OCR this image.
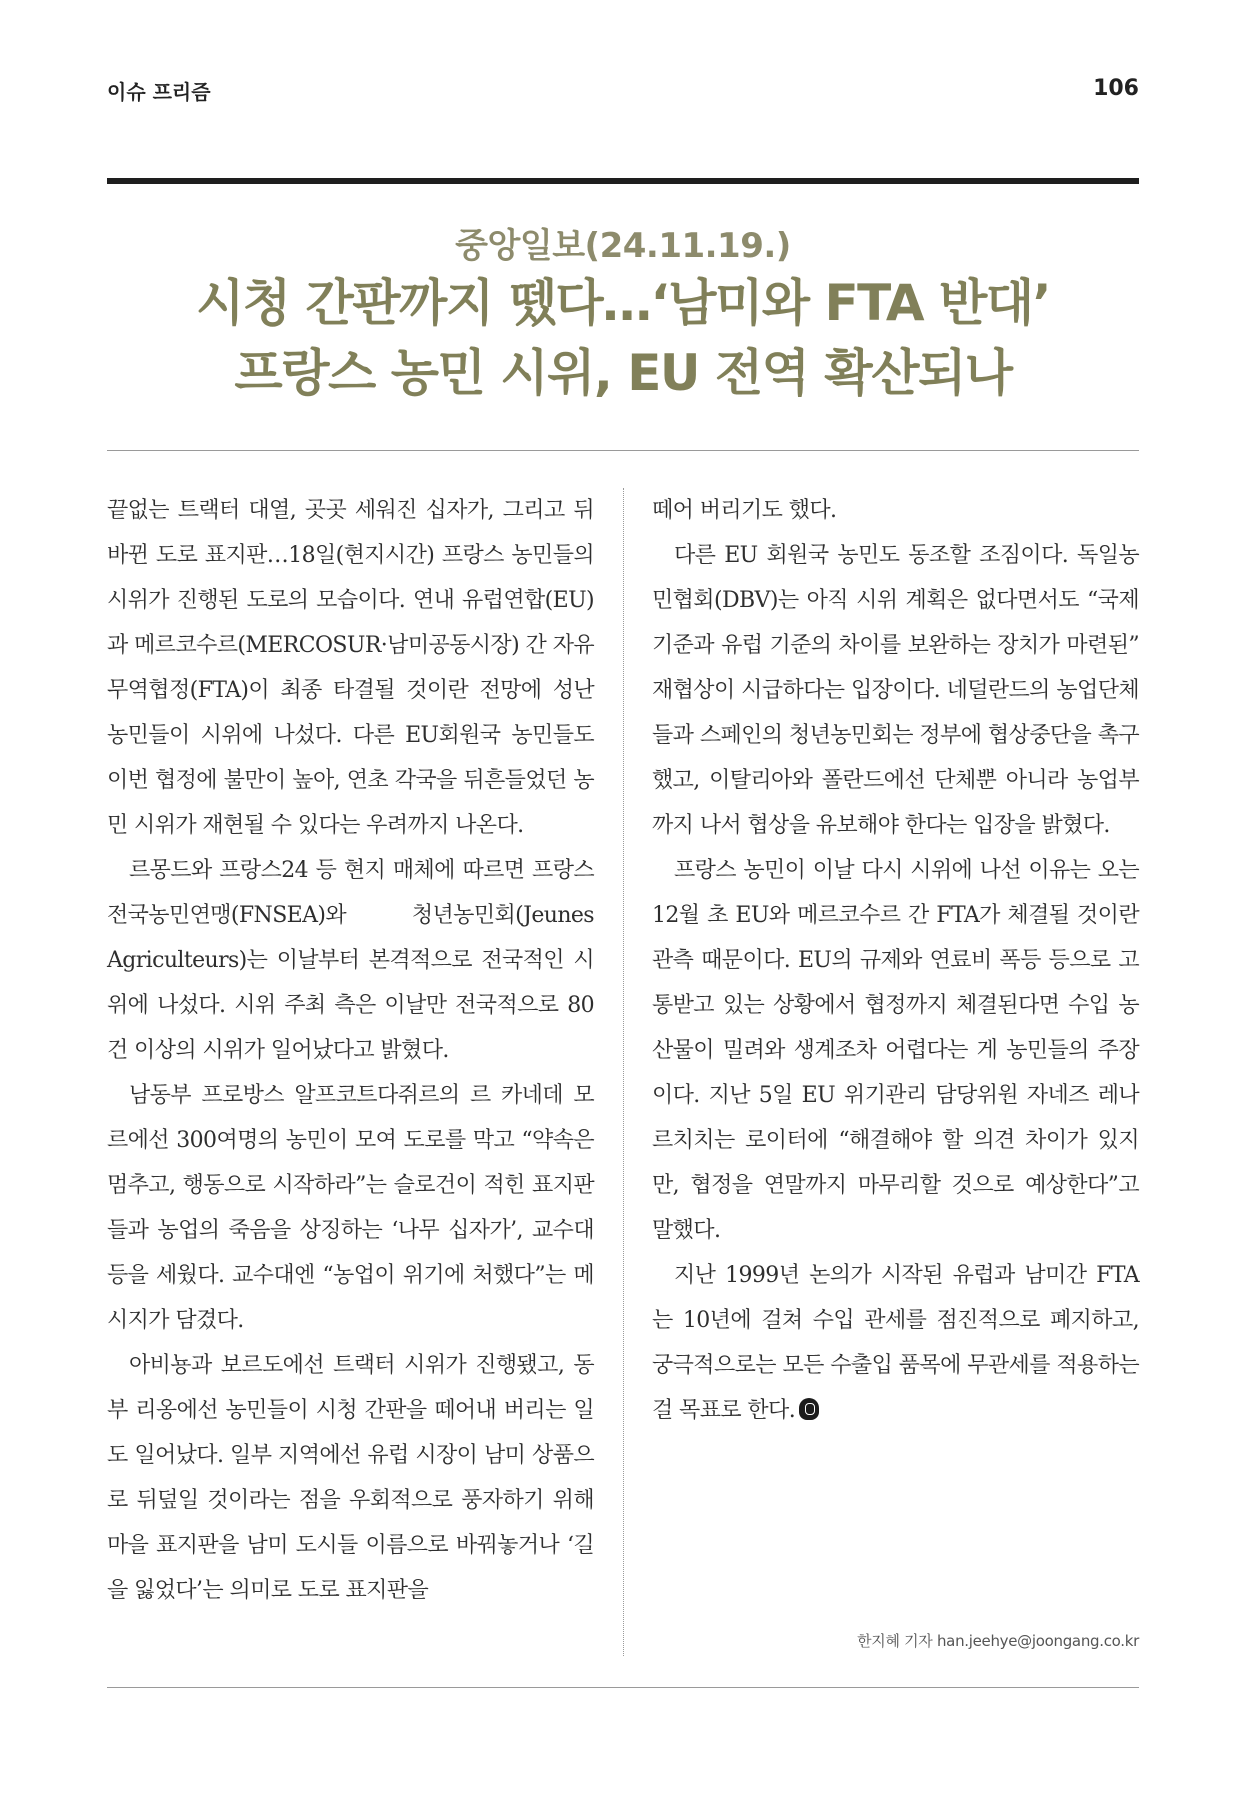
이슈 프리즘	106
중앙일보(24.11.19.)
시청 간판까지 뗐다…‘남미와 FTA 반대’
프랑스 농민 시위, EU 전역 확산되나

끝없는 트랙터 대열, 곳곳 세워진 십자가, 그리고 뒤바뀐 도로 표지판…18일(현지시간) 프랑스 농민들의 시위가 진행된 도로의 모습이다. 연내 유럽연합(EU)과 메르코수르(MERCOSUR·남미공동시장) 간 자유무역협정(FTA)이 최종 타결될 것이란 전망에 성난 농민들이 시위에 나섰다. 다른 EU회원국 농민들도 이번 협정에 불만이 높아, 연초 각국을 뒤흔들었던 농민 시위가 재현될 수 있다는 우려까지 나온다.

르몽드와 프랑스24 등 현지 매체에 따르면 프랑스전국농민연맹(FNSEA)와 청년농민회(Jeunes Agriculteurs)는 이날부터 본격적으로 전국적인 시위에 나섰다. 시위 주최 측은 이날만 전국적으로 80건 이상의 시위가 일어났다고 밝혔다.

남동부 프로방스 알프코트다쥐르의 르 카네데 모르에선 300여명의 농민이 모여 도로를 막고 “약속은 멈추고, 행동으로 시작하라”는 슬로건이 적힌 표지판들과 농업의 죽음을 상징하는 ‘나무 십자가’, 교수대 등을 세웠다. 교수대엔 “농업이 위기에 처했다”는 메시지가 담겼다.

아비뇽과 보르도에선 트랙터 시위가 진행됐고, 동부 리옹에선 농민들이 시청 간판을 떼어내 버리는 일도 일어났다. 일부 지역에선 유럽 시장이 남미 상품으로 뒤덮일 것이라는 점을 우회적으로 풍자하기 위해 마을 표지판을 남미 도시들 이름으로 바꿔놓거나 ‘길을 잃었다’는 의미로 도로 표지판을

떼어 버리기도 했다.

다른 EU 회원국 농민도 동조할 조짐이다. 독일농민협회(DBV)는 아직 시위 계획은 없다면서도 “국제 기준과 유럽 기준의 차이를 보완하는 장치가 마련된” 재협상이 시급하다는 입장이다. 네덜란드의 농업단체들과 스페인의 청년농민회는 정부에 협상중단을 촉구했고, 이탈리아와 폴란드에선 단체뿐 아니라 농업부까지 나서 협상을 유보해야 한다는 입장을 밝혔다.

프랑스 농민이 이날 다시 시위에 나선 이유는 오는 12월 초 EU와 메르코수르 간 FTA가 체결될 것이란 관측 때문이다. EU의 규제와 연료비 폭등 등으로 고통받고 있는 상황에서 협정까지 체결된다면 수입 농산물이 밀려와 생계조차 어렵다는 게 농민들의 주장이다. 지난 5일 EU 위기관리 담당위원 자네즈 레나르치치는 로이터에 “해결해야 할 의견 차이가 있지만, 협정을 연말까지 마무리할 것으로 예상한다”고 말했다.

지난 1999년 논의가 시작된 유럽과 남미간 FTA는 10년에 걸쳐 수입 관세를 점진적으로 폐지하고, 궁극적으로는 모든 수출입 품목에 무관세를 적용하는 걸 목표로 한다.

한지혜 기자 han.jeehye@joongang.co.kr
